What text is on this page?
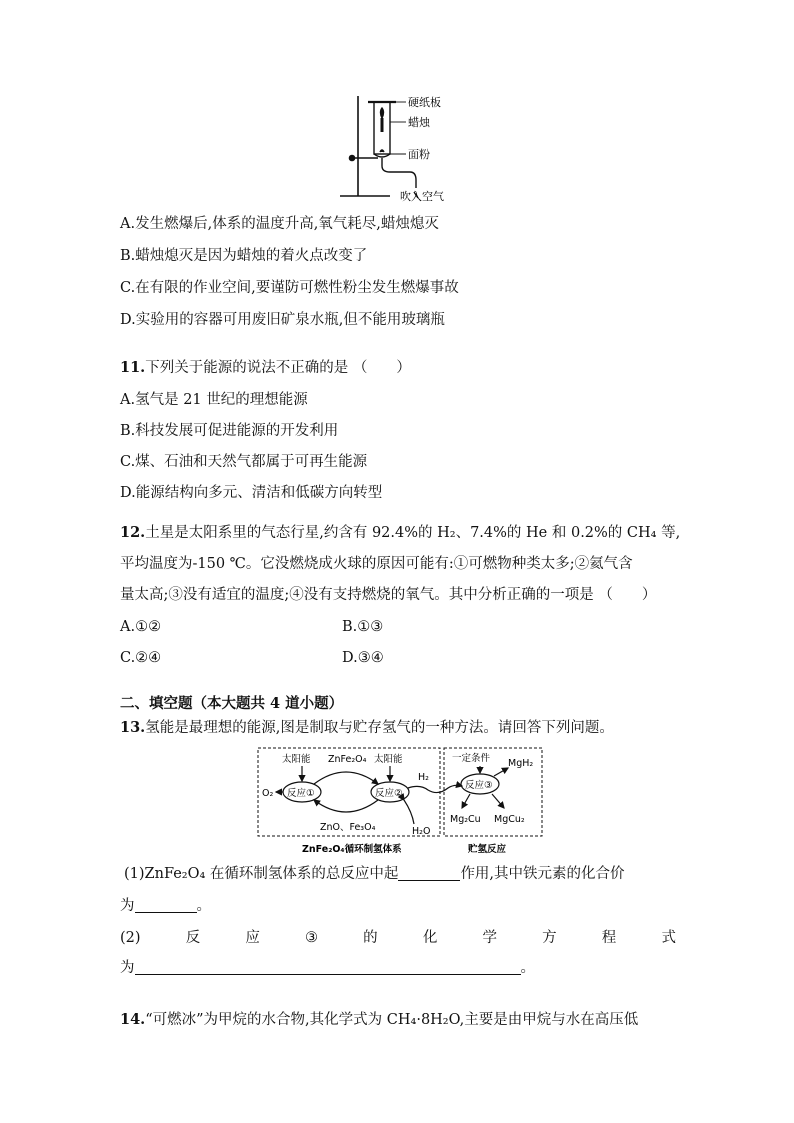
硬纸板
蜡烛
面粉
吹入空气
A.发生燃爆后,体系的温度升高,氧气耗尽,蜡烛熄灭
B.蜡烛熄灭是因为蜡烛的着火点改变了
C.在有限的作业空间,要谨防可燃性粉尘发生燃爆事故
D.实验用的容器可用废旧矿泉水瓶,但不能用玻璃瓶
11.下列关于能源的说法不正确的是 （　　）
A.氢气是 21 世纪的理想能源
B.科技发展可促进能源的开发利用
C.煤、石油和天然气都属于可再生能源
D.能源结构向多元、清洁和低碳方向转型
12.土星是太阳系里的气态行星,约含有 92.4%的 H₂、7.4%的 He 和 0.2%的 CH₄ 等,
平均温度为-150 ℃。它没燃烧成火球的原因可能有:①可燃物种类太多;②氦气含
量太高;③没有适宜的温度;④没有支持燃烧的氧气。其中分析正确的一项是 （　　）
A.①②	B.①③
C.②④	D.③④
二、填空题（本大题共 4 道小题）
13.氢能是最理想的能源,图是制取与贮存氢气的一种方法。请回答下列问题。
太阳能 ZnFe₂O₄ 太阳能
O₂ 反应①	反应②
H₂
ZnO、Fe₃O₄	H₂O
一定条件 MgH₂
反应③
Mg₂Cu MgCu₂
ZnFe₂O₄循环制氢体系	贮氢反应
(1)ZnFe₂O₄ 在循环制氢体系的总反应中起	作用,其中铁元素的化合价
为	。
(2)	反	应	③	的	化	学	方	程	式
为	。
14.“可燃冰”为甲烷的水合物,其化学式为 CH₄·8H₂O,主要是由甲烷与水在高压低
